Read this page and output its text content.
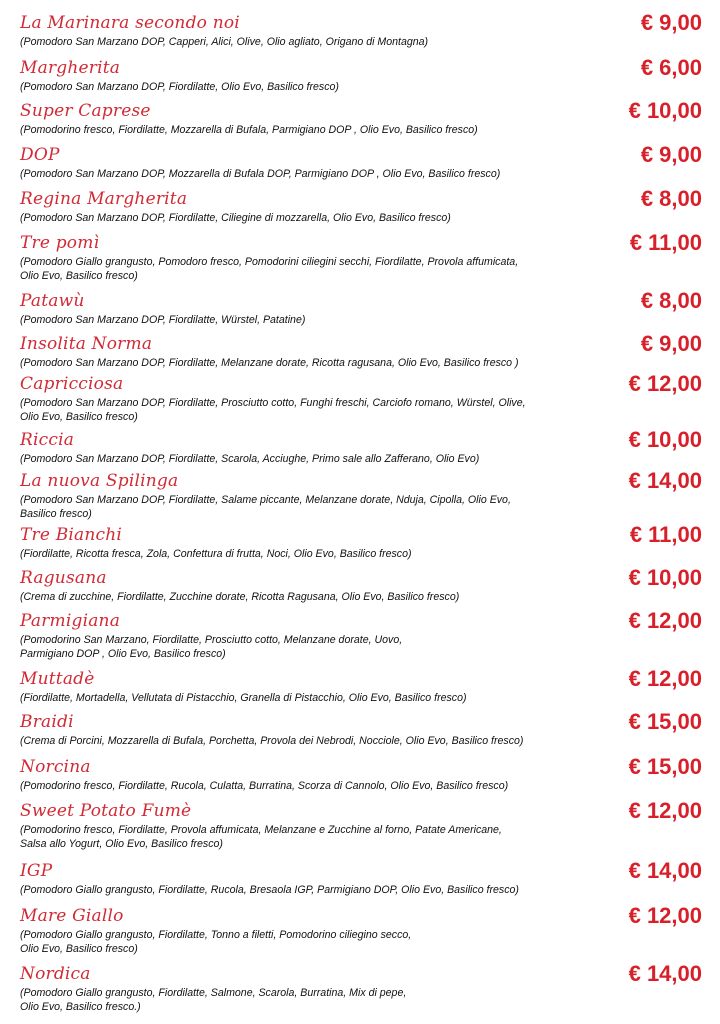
La Marinara secondo noi	€ 9,00
(Pomodoro San Marzano DOP, Capperi, Alici, Olive, Olio agliato, Origano di Montagna)
Margherita	€ 6,00
(Pomodoro San Marzano DOP, Fiordilatte, Olio Evo, Basilico fresco)
Super Caprese	€ 10,00
(Pomodorino fresco, Fiordilatte, Mozzarella di Bufala, Parmigiano DOP , Olio Evo, Basilico fresco)
DOP	€ 9,00
(Pomodoro San Marzano DOP, Mozzarella di Bufala DOP, Parmigiano DOP , Olio Evo, Basilico fresco)
Regina Margherita	€ 8,00
(Pomodoro San Marzano DOP, Fiordilatte, Ciliegine di mozzarella, Olio Evo, Basilico fresco)
Tre pomì	€ 11,00
(Pomodoro Giallo grangusto, Pomodoro fresco, Pomodorini ciliegini secchi, Fiordilatte, Provola affumicata,
Olio Evo, Basilico fresco)
Patawù	€ 8,00
(Pomodoro San Marzano DOP, Fiordilatte, Würstel, Patatine)
Insolita Norma	€ 9,00
(Pomodoro San Marzano DOP, Fiordilatte, Melanzane dorate, Ricotta ragusana, Olio Evo, Basilico fresco )
Capricciosa	€ 12,00
(Pomodoro San Marzano DOP, Fiordilatte, Prosciutto cotto, Funghi freschi, Carciofo romano, Würstel, Olive,
Olio Evo, Basilico fresco)
Riccia	€ 10,00
(Pomodoro San Marzano DOP, Fiordilatte, Scarola, Acciughe, Primo sale allo Zafferano, Olio Evo)
La nuova Spilinga	€ 14,00
(Pomodoro San Marzano DOP, Fiordilatte, Salame piccante, Melanzane dorate, Nduja, Cipolla, Olio Evo,
Basilico fresco)
Tre Bianchi	€ 11,00
(Fiordilatte, Ricotta fresca, Zola, Confettura di frutta, Noci, Olio Evo, Basilico fresco)
Ragusana	€ 10,00
(Crema di zucchine, Fiordilatte, Zucchine dorate, Ricotta Ragusana, Olio Evo, Basilico fresco)
Parmigiana	€ 12,00
(Pomodorino San Marzano, Fiordilatte, Prosciutto cotto, Melanzane dorate, Uovo,
Parmigiano DOP , Olio Evo, Basilico fresco)
Muttadè	€ 12,00
(Fiordilatte, Mortadella, Vellutata di Pistacchio, Granella di Pistacchio, Olio Evo, Basilico fresco)
Braidi	€ 15,00
(Crema di Porcini, Mozzarella di Bufala, Porchetta, Provola dei Nebrodi, Nocciole, Olio Evo, Basilico fresco)
Norcina	€ 15,00
(Pomodorino fresco, Fiordilatte, Rucola, Culatta, Burratina, Scorza di Cannolo, Olio Evo, Basilico fresco)
Sweet Potato Fumè	€ 12,00
(Pomodorino fresco, Fiordilatte, Provola affumicata, Melanzane e Zucchine al forno, Patate Americane,
Salsa allo Yogurt, Olio Evo, Basilico fresco)
IGP	€ 14,00
(Pomodoro Giallo grangusto, Fiordilatte, Rucola, Bresaola IGP, Parmigiano DOP, Olio Evo, Basilico fresco)
Mare Giallo	€ 12,00
(Pomodoro Giallo grangusto, Fiordilatte, Tonno a filetti, Pomodorino ciliegino secco,
Olio Evo, Basilico fresco)
Nordica	€ 14,00
(Pomodoro Giallo grangusto, Fiordilatte, Salmone, Scarola, Burratina, Mix di pepe,
Olio Evo, Basilico fresco.)
